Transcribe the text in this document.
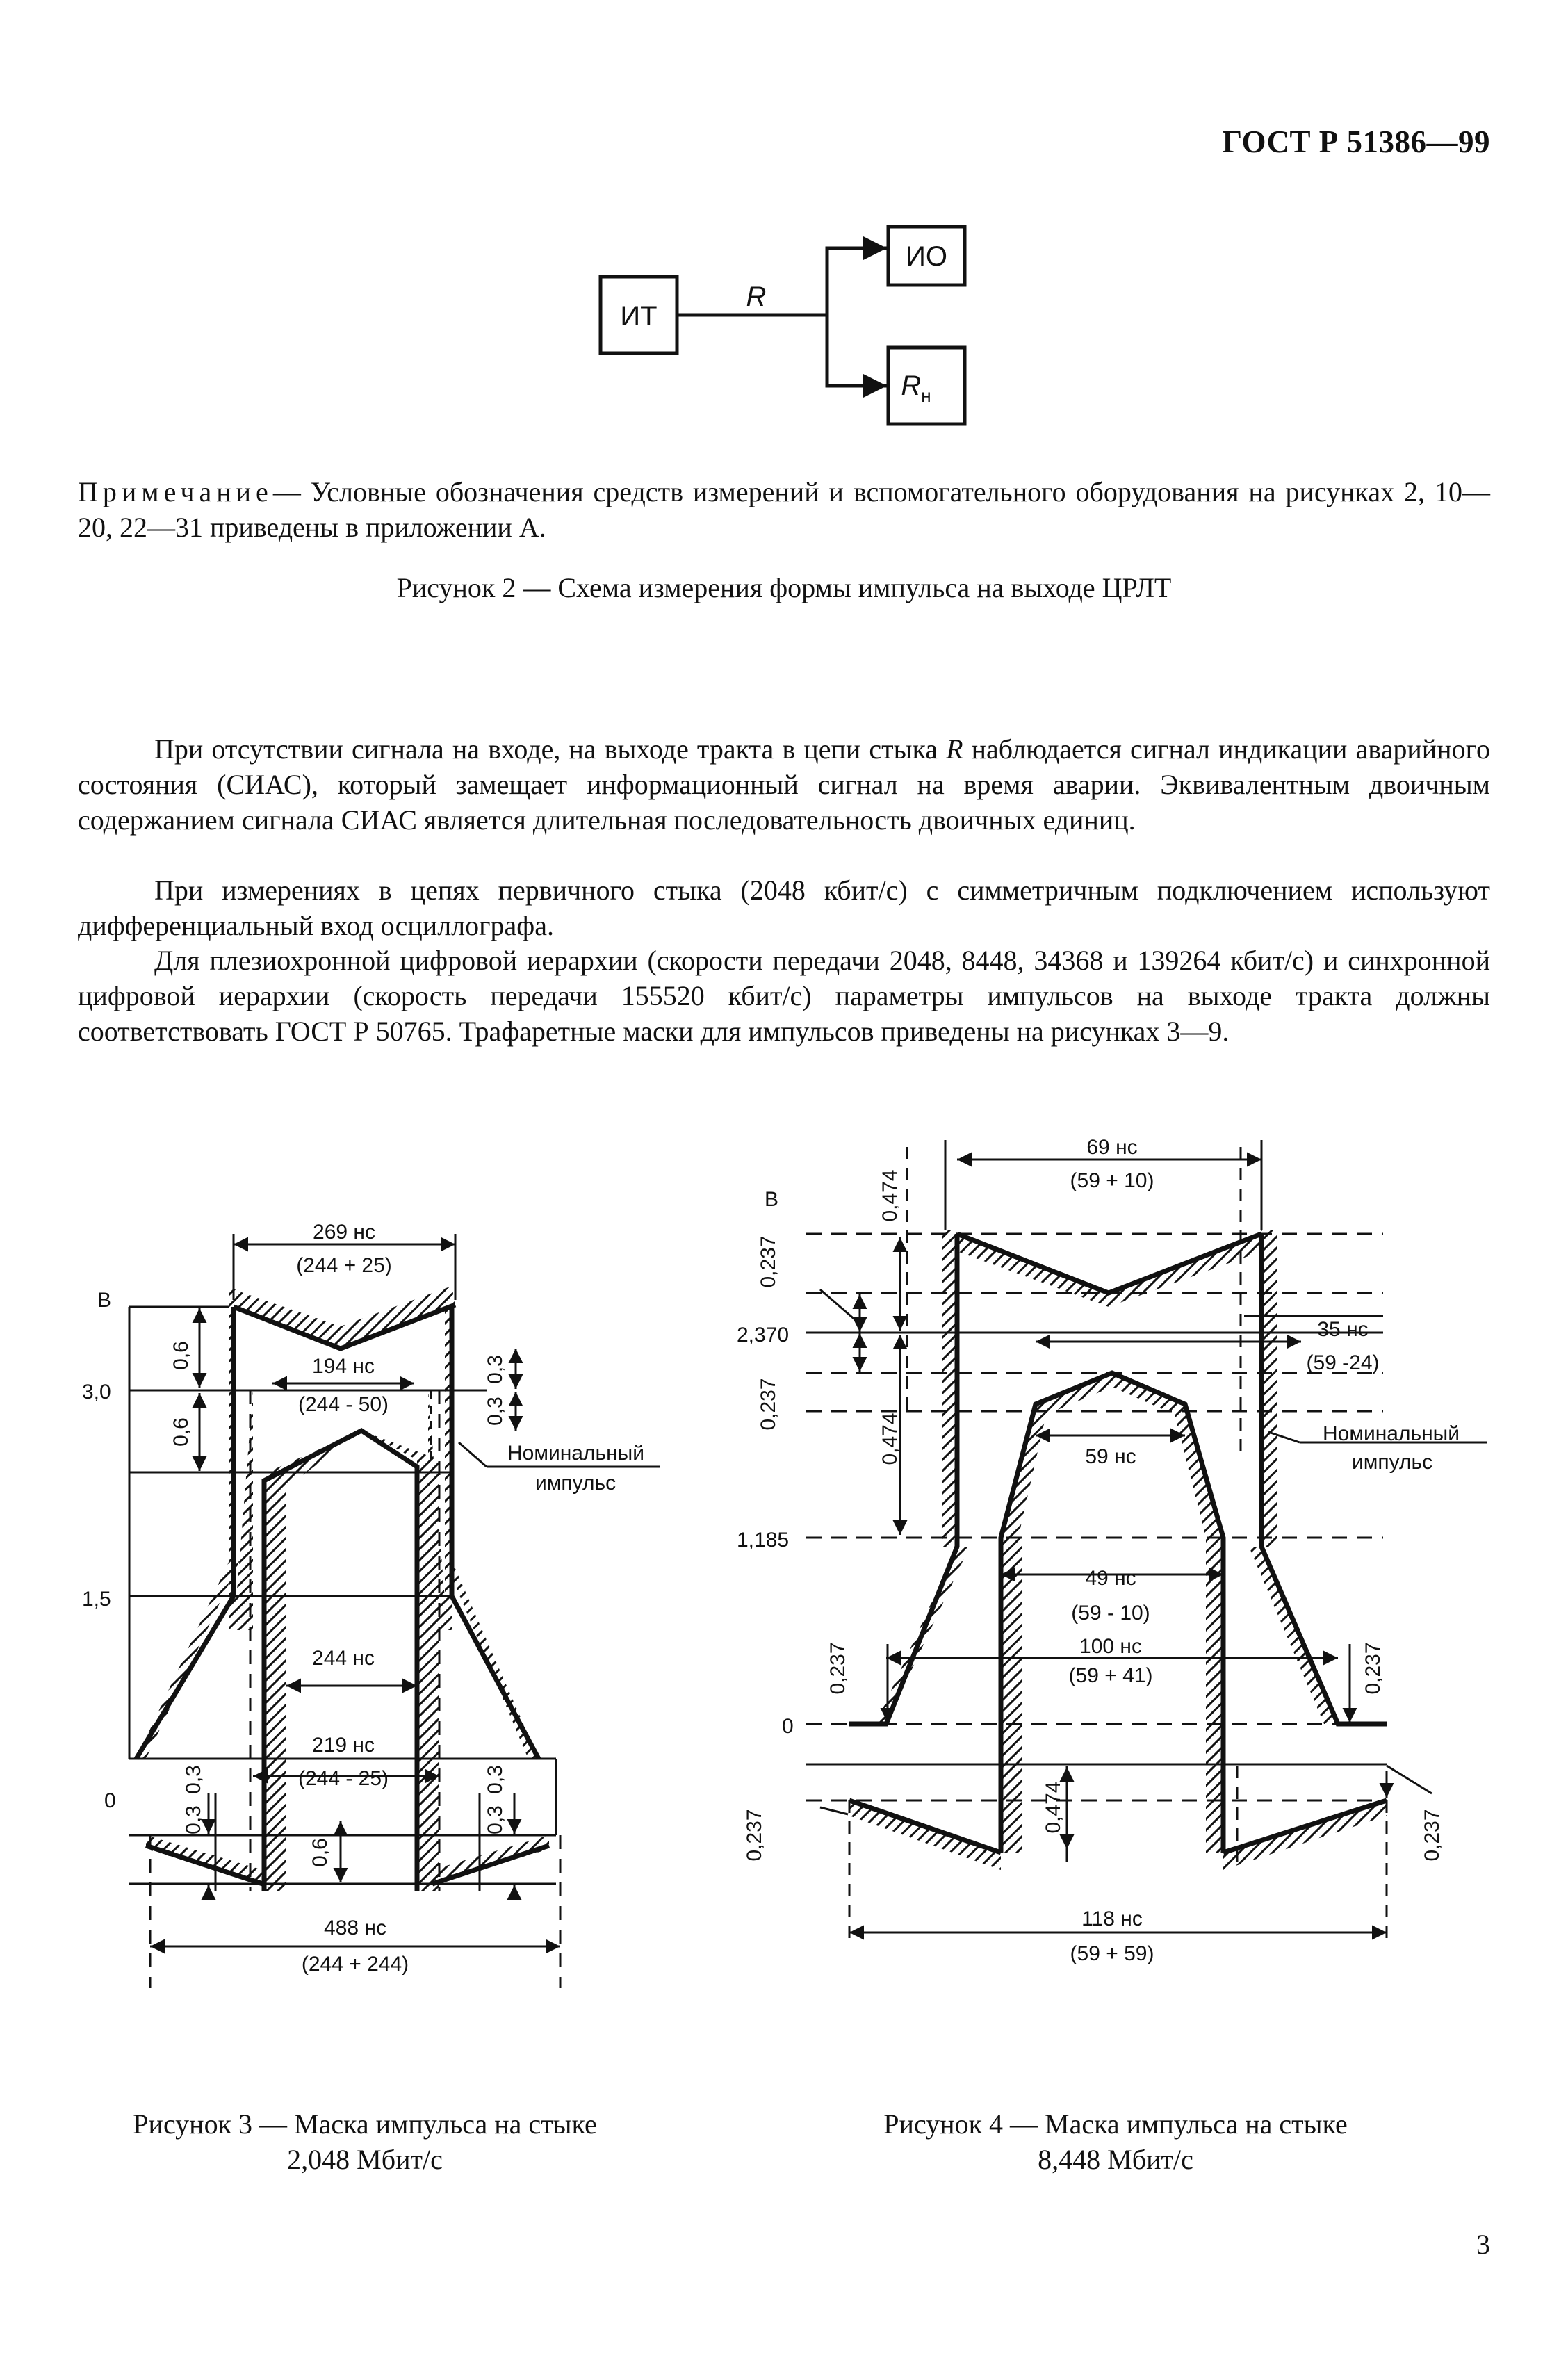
ИТ
ИО
$R_н$
R
В
3,0
1,5
0
269 нс
(244 + 25)
194 нс
(244 - 50)
244 нс
219 нс
(244 - 25)
488 нс
(244 + 244)
0,6
0,6
0,3
0,3
0,3
0,3
0,3
0,3
0,6
Номинальный
импульс
В
2,370
1,185
0
69 нс
(59 + 10)
35 нс
(59 -24)
59 нс
49 нс
(59 - 10)
100 нс
(59 + 41)
118 нс
(59 + 59)
0,474
0,474
0,237
0,237
0,237	0,237
0,474
0,237	0,237
Номинальный
импульс
ГОСТ Р 51386—99
Примечание— Условные обозначения средств измерений и вспомогательного оборудования на рисунках 2, 10—20, 22—31 приведены в приложении А.
Рисунок 2 — Схема измерения формы импульса на выходе ЦРЛТ
При отсутствии сигнала на входе, на выходе тракта в цепи стыка R наблюдается сигнал индикации аварийного состояния (СИАС), который замещает информационный сигнал на время аварии. Эквивалентным двоичным содержанием сигнала СИАС является длительная последовательность двоичных единиц.
При измерениях в цепях первичного стыка (2048 кбит/с) с симметричным подключением используют дифференциальный вход осциллографа.
Для плезиохронной цифровой иерархии (скорости передачи 2048, 8448, 34368 и 139264 кбит/с) и синхронной цифровой иерархии (скорость передачи 155520 кбит/с) параметры импульсов на выходе тракта должны соответствовать ГОСТ Р 50765. Трафаретные маски для импульсов приведены на рисунках 3—9.
Рисунок 3 — Маска импульса на стыке
2,048 Мбит/с
Рисунок 4 — Маска импульса на стыке
8,448 Мбит/с
3
